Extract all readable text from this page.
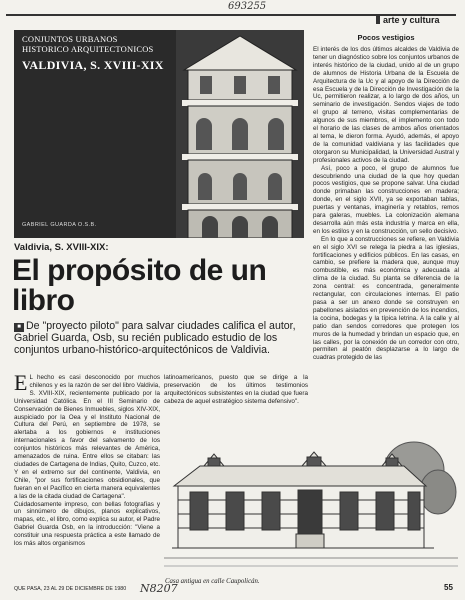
693255
arte y cultura
CONJUNTOS URBANOS
HISTORICO ARQUITECTONICOS
VALDIVIA, S. XVIII-XIX
GABRIEL GUARDA O.S.B.
Valdivia, S. XVIII-XIX:
El propósito de un libro
■ De "proyecto piloto" para salvar ciudades califica el autor, Gabriel Guarda, Osb, su recién publicado estudio de los conjuntos urbano-histórico-arquitectónicos de Valdivia.
E L hecho es casi desconocido por muchos chilenos y es la razón de ser del libro Valdivia, S. XVIII-XIX, recientemente publicado por la Universidad Católica. En el III Seminario de Conservación de Bienes Inmuebles, siglos XIV-XIX, auspiciado por la Oea y el Instituto Nacional de Cultura del Perú, en septiembre de 1978, se alertaba a los gobiernos e instituciones internacionales a favor del salvamento de los conjuntos históricos más relevantes de América, amenazados de ruina. Entre ellos se citaban: las ciudades de Cartagena de Indias, Quito, Cuzco, etc. Y en el extremo sur del continente, Valdivia, en Chile, "por sus fortificaciones obsidionales, que fueran en el Pacífico en cierta manera equivalentes a las de la citada ciudad de Cartagena".
Cuidadosamente impreso, con bellas fotografías y un sinnúmero de dibujos, planos explicativos, mapas, etc., el libro, como explica su autor, el Padre Gabriel Guarda Osb, en la introducción: "Viene a constituir una respuesta práctica a este llamado de los más altos organismos
latinoamericanos, puesto que se dirige a la preservación de los últimos testimonios arquitectónicos subsistentes en la ciudad que fuera cabeza de aquel estratégico sistema defensivo".
Pocos vestigios

El interés de los dos últimos alcaldes de Valdivia de tener un diagnóstico sobre los conjuntos urbanos de interés histórico de la ciudad, unido al de un grupo de alumnos de Historia Urbana de la Escuela de Arquitectura de la Uc y al apoyo de la Dirección de esa Escuela y de la Dirección de Investigación de la Uc, permitieron realizar, a lo largo de dos años, un seminario de investigación. Sendos viajes de todo el grupo al terreno, visitas complementarias de algunos de sus miembros, el implemento con todo el horario de las clases de ambos años orientados al tema, le dieron forma. Ayudó, además, el apoyo de la comunidad valdiviana y las facilidades que otorgaron su Municipalidad, la Universidad Austral y profesionales activos de la ciudad.

Así, poco a poco, el grupo de alumnos fue descubriendo una ciudad de la que hoy quedan pocos vestigios, que se propone salvar. Una ciudad donde primaban las construcciones en madera; donde, en el siglo XVII, ya se exportaban tablas, puertas y ventanas, imaginería y retablos, remos para galeras, muebles. La colonización alemana desarrolla aún más esta industria y marca en ella, en los estilos y en la construcción, un sello decisivo.

En lo que a construcciones se refiere, en Valdivia en el siglo XVI se relega la piedra a las iglesias, fortificaciones y edificios públicos. En las casas, en cambio, se prefiere la madera que, aunque muy combustible, es más económica y adecuada al clima de la ciudad. Su planta se diferencia de la zona central: es concentrada, generalmente rectangular, con circulaciones internas. El patio pasa a ser un anexo donde se construyen en pabellones aislados en prevención de los incendios, la cocina, bodegas y la típica letrina. A la calle y al patio dan sendos corredores que protegen los muros de la humedad y brindan un espacio que, en las calles, por la conexión de un corredor con otro, permiten al peatón desplazarse a lo largo de cuadras protegido de las

Casa antigua en calle Caupolicán.
QUE PASA, 23 AL 29 DE DICIEMBRE DE 1980 N8207	55
